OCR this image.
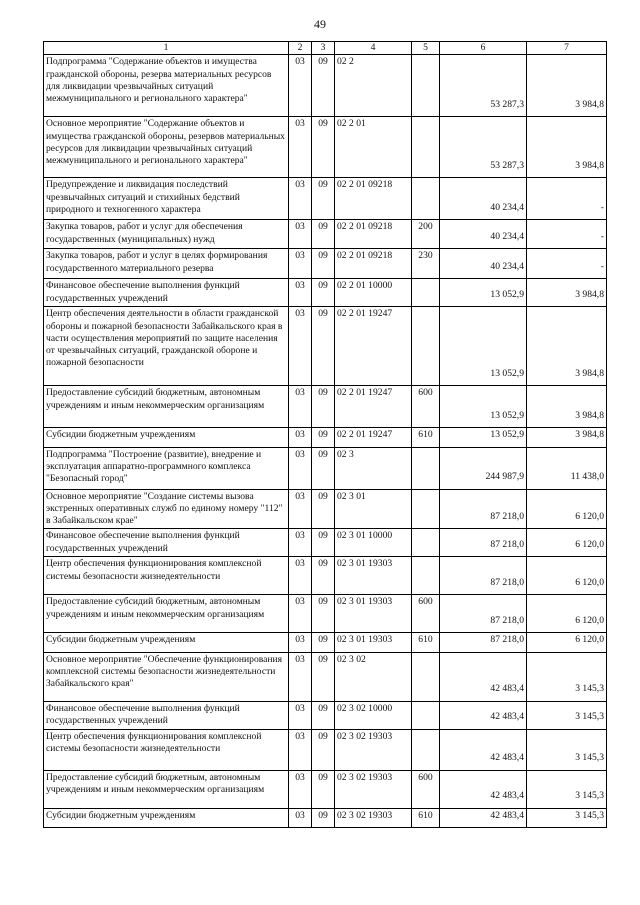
49
1	2	3	4	5	6	7
Подпрограмма "Содержание объектов и имущества гражданской обороны, резерва материальных ресурсов для ликвидации чрезвычайных ситуаций межмуниципального и регионального характера"	03	09	02 2		53 287,3	3 984,8
Основное мероприятие "Содержание объектов и имущества гражданской обороны, резервов материальных ресурсов для ликвидации чрезвычайных ситуаций межмуниципального и регионального характера"	03	09	02 2 01		53 287,3	3 984,8
Предупреждение и ликвидация последствий чрезвычайных ситуаций и стихийных бедствий природного и техногенного характера	03	09	02 2 01 09218		40 234,4	-
Закупка товаров, работ и услуг для обеспечения государственных (муниципальных) нужд	03	09	02 2 01 09218	200	40 234,4	-
Закупка товаров, работ и услуг в целях формирования государственного материального резерва	03	09	02 2 01 09218	230	40 234,4	-
Финансовое обеспечение выполнения функций государственных учреждений	03	09	02 2 01 10000		13 052,9	3 984,8
Центр обеспечения деятельности в области гражданской обороны и пожарной безопасности Забайкальского края в части осуществления мероприятий по защите населения от чрезвычайных ситуаций, гражданской обороне и пожарной безопасности	03	09	02 2 01 19247		13 052,9	3 984,8
Предоставление субсидий бюджетным, автономным учреждениям и иным некоммерческим организациям	03	09	02 2 01 19247	600	13 052,9	3 984,8
Субсидии бюджетным учреждениям	03	09	02 2 01 19247	610	13 052,9	3 984,8
Подпрограмма "Построение (развитие), внедрение и эксплуатация аппаратно-программного комплекса "Безопасный город"	03	09	02 3		244 987,9	11 438,0
Основное мероприятие "Создание системы вызова экстренных оперативных служб по единому номеру "112" в Забайкальском крае"	03	09	02 3 01		87 218,0	6 120,0
Финансовое обеспечение выполнения функций государственных учреждений	03	09	02 3 01 10000		87 218,0	6 120,0
Центр обеспечения функционирования комплексной системы безопасности жизнедеятельности	03	09	02 3 01 19303		87 218,0	6 120,0
Предоставление субсидий бюджетным, автономным учреждениям и иным некоммерческим организациям	03	09	02 3 01 19303	600	87 218,0	6 120,0
Субсидии бюджетным учреждениям	03	09	02 3 01 19303	610	87 218,0	6 120,0
Основное мероприятие "Обеспечение функционирования комплексной системы безопасности жизнедеятельности Забайкальского края"	03	09	02 3 02		42 483,4	3 145,3
Финансовое обеспечение выполнения функций государственных учреждений	03	09	02 3 02 10000		42 483,4	3 145,3
Центр обеспечения функционирования комплексной системы безопасности жизнедеятельности	03	09	02 3 02 19303		42 483,4	3 145,3
Предоставление субсидий бюджетным, автономным учреждениям и иным некоммерческим организациям	03	09	02 3 02 19303	600	42 483,4	3 145,3
Субсидии бюджетным учреждениям	03	09	02 3 02 19303	610	42 483,4	3 145,3
